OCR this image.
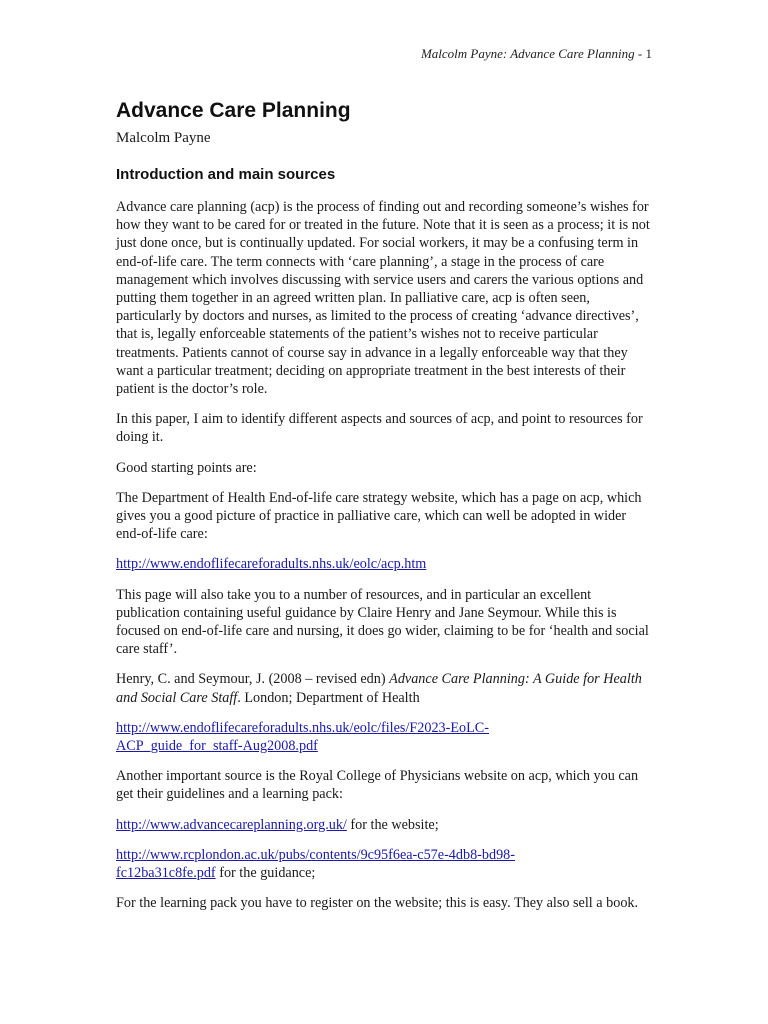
Malcolm Payne: Advance Care Planning - 1
Advance Care Planning
Malcolm Payne
Introduction and main sources

Advance care planning (acp) is the process of finding out and recording someone’s wishes for how they want to be cared for or treated in the future. Note that it is seen as a process; it is not just done once, but is continually updated. For social workers, it may be a confusing term in end-of-life care. The term connects with ‘care planning’, a stage in the process of care management which involves discussing with service users and carers the various options and putting them together in an agreed written plan. In palliative care, acp is often seen, particularly by doctors and nurses, as limited to the process of creating ‘advance directives’, that is, legally enforceable statements of the patient’s wishes not to receive particular treatments. Patients cannot of course say in advance in a legally enforceable way that they want a particular treatment; deciding on appropriate treatment in the best interests of their patient is the doctor’s role.

In this paper, I aim to identify different aspects and sources of acp, and point to resources for doing it.

Good starting points are:

The Department of Health End-of-life care strategy website, which has a page on acp, which gives you a good picture of practice in palliative care, which can well be adopted in wider end-of-life care:

http://www.endoflifecareforadults.nhs.uk/eolc/acp.htm

This page will also take you to a number of resources, and in particular an excellent publication containing useful guidance by Claire Henry and Jane Seymour. While this is focused on end-of-life care and nursing, it does go wider, claiming to be for ‘health and social care staff’.

Henry, C. and Seymour, J. (2008 – revised edn) Advance Care Planning: A Guide for Health and Social Care Staff. London; Department of Health

http://www.endoflifecareforadults.nhs.uk/eolc/files/F2023-EoLC-
ACP_guide_for_staff-Aug2008.pdf

Another important source is the Royal College of Physicians website on acp, which you can get their guidelines and a learning pack:

http://www.advancecareplanning.org.uk/ for the website;

http://www.rcplondon.ac.uk/pubs/contents/9c95f6ea-c57e-4db8-bd98-
fc12ba31c8fe.pdf for the guidance;

For the learning pack you have to register on the website; this is easy. They also sell a book.
